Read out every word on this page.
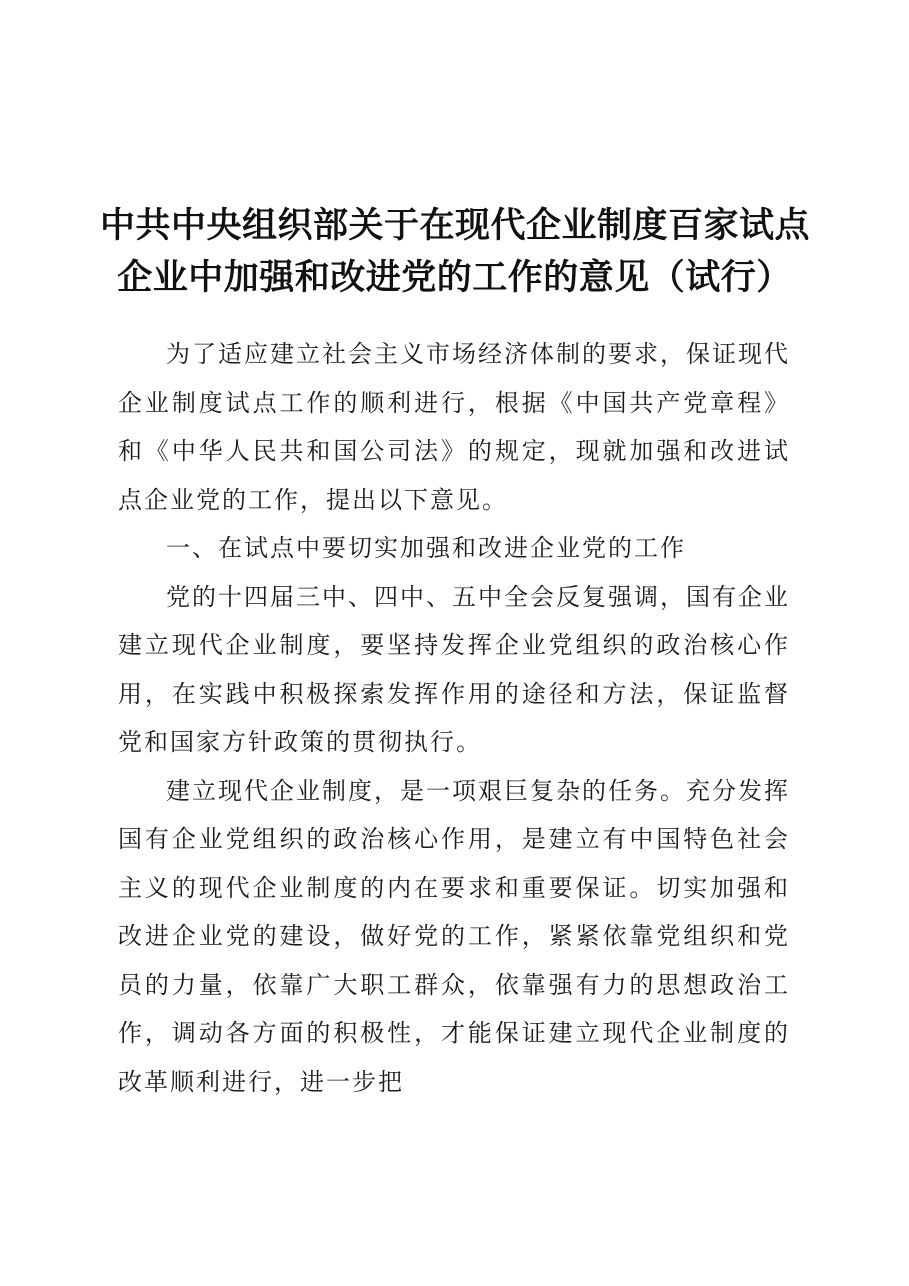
中共中央组织部关于在现代企业制度百家试点
企业中加强和改进党的工作的意见（试行）

为了适应建立社会主义市场经济体制的要求，保证现代企业制度试点工作的顺利进行，根据《中国共产党章程》和《中华人民共和国公司法》的规定，现就加强和改进试点企业党的工作，提出以下意见。

一、在试点中要切实加强和改进企业党的工作

党的十四届三中、四中、五中全会反复强调，国有企业建立现代企业制度，要坚持发挥企业党组织的政治核心作用，在实践中积极探索发挥作用的途径和方法，保证监督党和国家方针政策的贯彻执行。

建立现代企业制度，是一项艰巨复杂的任务。充分发挥国有企业党组织的政治核心作用，是建立有中国特色社会主义的现代企业制度的内在要求和重要保证。切实加强和改进企业党的建设，做好党的工作，紧紧依靠党组织和党员的力量，依靠广大职工群众，依靠强有力的思想政治工作，调动各方面的积极性，才能保证建立现代企业制度的改革顺利进行，进一步把
